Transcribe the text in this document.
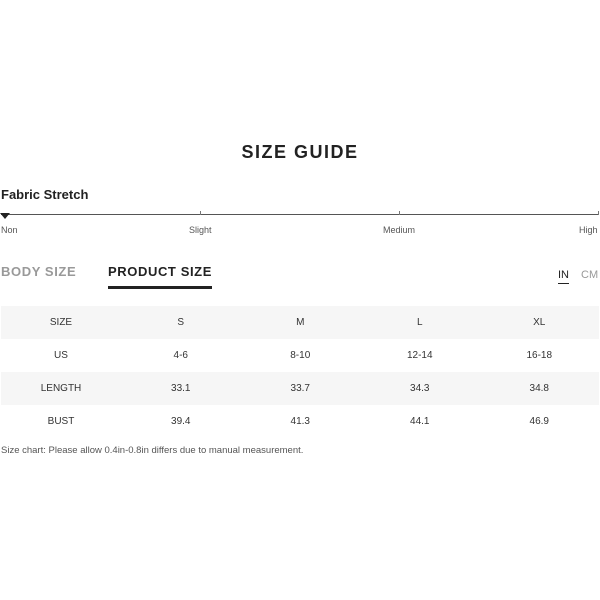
SIZE GUIDE
Fabric Stretch
Non	Slight	Medium	High
BODY SIZE PRODUCT SIZE	IN CM
SIZE	S	M	L	XL
US	4-6	8-10	12-14	16-18
LENGTH	33.1	33.7	34.3	34.8
BUST	39.4	41.3	44.1	46.9
Size chart: Please allow 0.4in-0.8in differs due to manual measurement.
